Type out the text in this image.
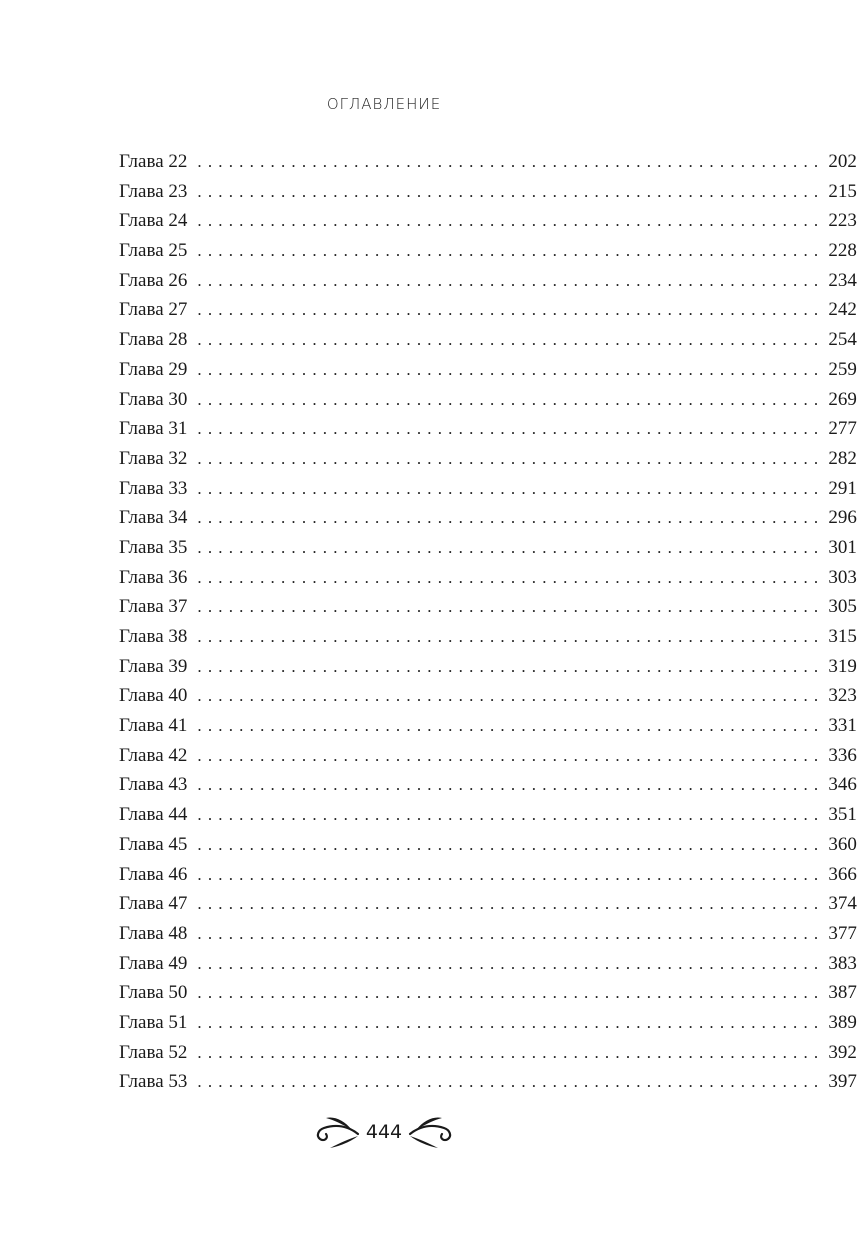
оглавление
Глава 22 ............................................................ 202
Глава 23 ............................................................ 215
Глава 24 ............................................................ 223
Глава 25 ............................................................ 228
Глава 26 ............................................................ 234
Глава 27 ............................................................ 242
Глава 28 ............................................................ 254
Глава 29 ............................................................ 259
Глава 30 ............................................................ 269
Глава 31 ............................................................ 277
Глава 32 ............................................................ 282
Глава 33 ............................................................ 291
Глава 34 ............................................................ 296
Глава 35 ............................................................ 301
Глава 36 ............................................................ 303
Глава 37 ............................................................ 305
Глава 38 ............................................................ 315
Глава 39 ............................................................ 319
Глава 40 ............................................................ 323
Глава 41 ............................................................ 331
Глава 42 ............................................................ 336
Глава 43 ............................................................ 346
Глава 44 ............................................................ 351
Глава 45 ............................................................ 360
Глава 46 ............................................................ 366
Глава 47 ............................................................ 374
Глава 48 ............................................................ 377
Глава 49 ............................................................ 383
Глава 50 ............................................................ 387
Глава 51 ............................................................ 389
Глава 52 ............................................................ 392
Глава 53 ............................................................ 397
444
